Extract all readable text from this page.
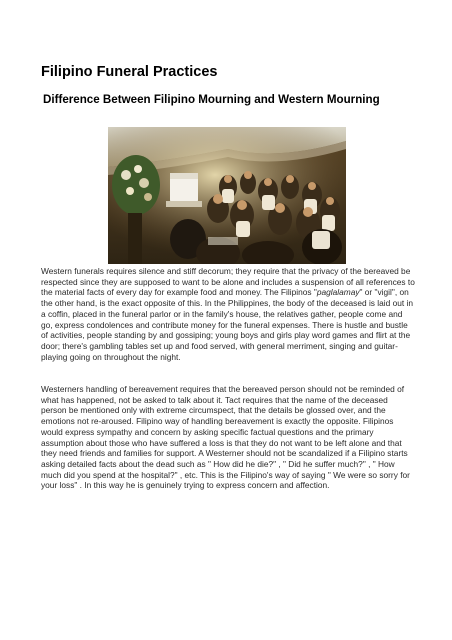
Filipino Funeral Practices
Difference Between Filipino Mourning and Western Mourning

Western funerals requires silence and stiff decorum; they require that the privacy of the bereaved be respected since they are supposed to want to be alone and includes a suspension of all references to the material facts of every day for example food and money. The Filipinos "paglalamay" or "vigil", on the other hand, is the exact opposite of this. In the Philippines, the body of the deceased is laid out in a coffin, placed in the funeral parlor or in the family's house, the relatives gather, people come and go, express condolences and contribute money for the funeral expenses. There is hustle and bustle of activities, people standing by and gossiping; young boys and girls play word games and flirt at the door; there's gambling tables set up and food served, with general merriment, singing and guitar-playing going on throughout the night.

Westerners handling of bereavement requires that the bereaved person should not be reminded of what has happened, not be asked to talk about it. Tact requires that the name of the deceased person be mentioned only with extreme circumspect, that the details be glossed over, and the emotions not re-aroused. Filipino way of handling bereavement is exactly the opposite. Filipinos would express sympathy and concern by asking specific factual questions and the primary assumption about those who have suffered a loss is that they do not want to be left alone and that they need friends and families for support. A Westerner should not be scandalized if a Filipino starts asking detailed facts about the dead such as " How did he die?" , " Did he suffer much?" , " How much did you spend at the hospital?" , etc. This is the Filipino's way of saying " We were so sorry for your loss" . In this way he is genuinely trying to express concern and affection.
